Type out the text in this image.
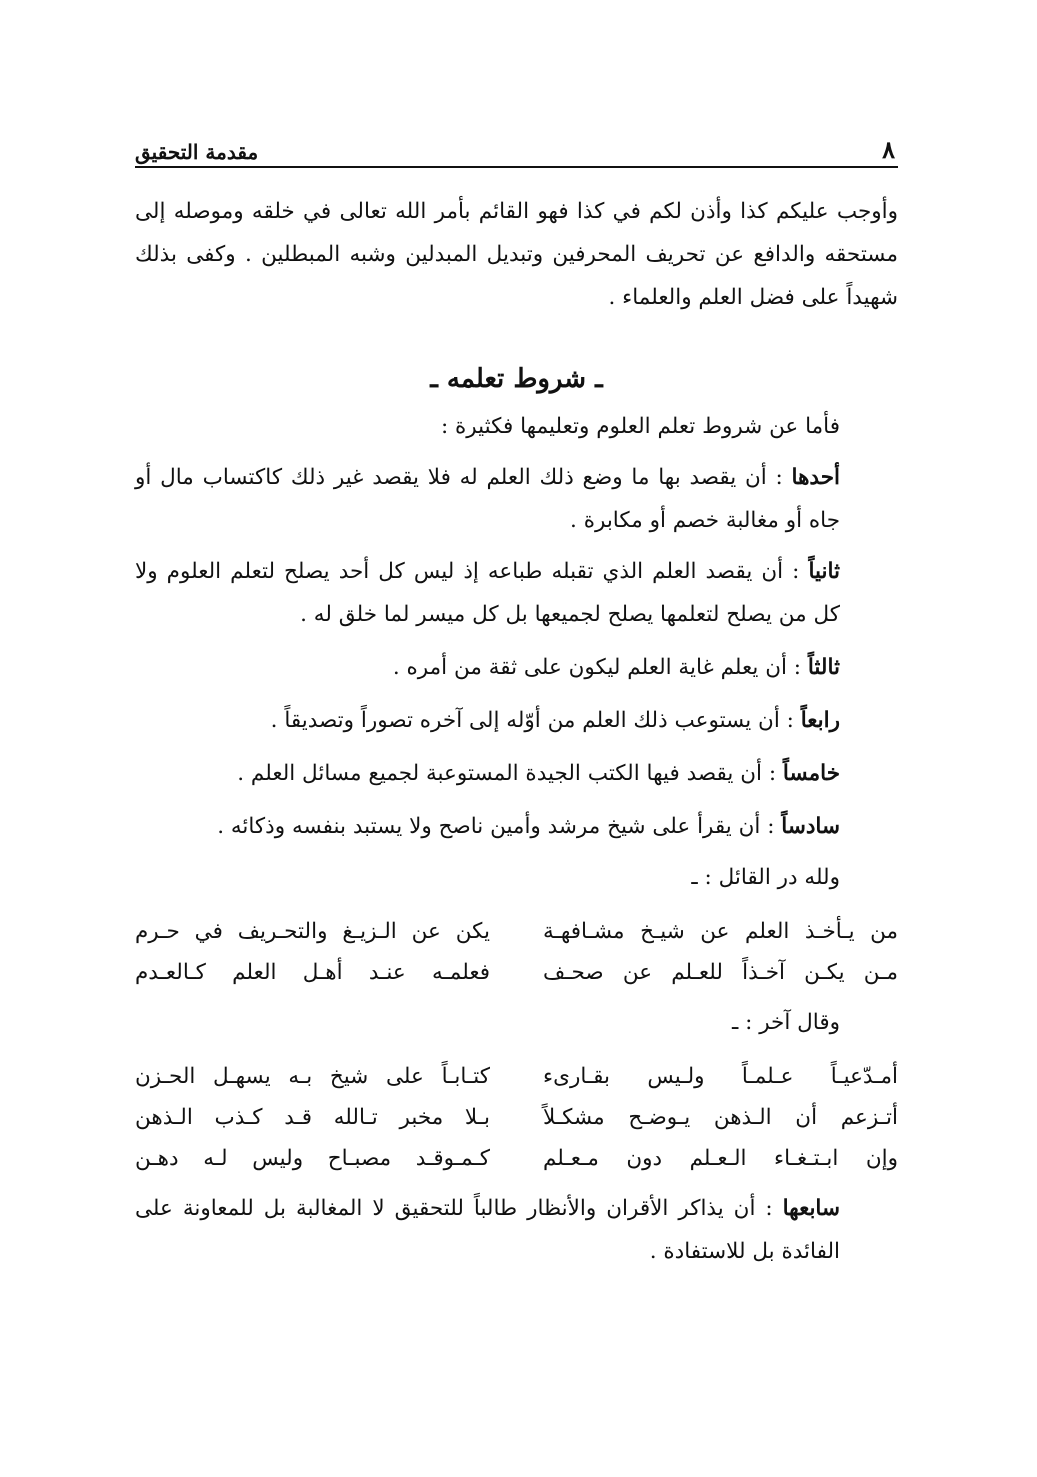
٨
مقدمة التحقيق

وأوجب عليكم كذا وأذن لكم في كذا فهو القائم بأمر الله تعالى في خلقه وموصله إلى مستحقه والدافع عن تحريف المحرفين وتبديل المبدلين وشبه المبطلين . وكفى بذلك شهيداً على فضل العلم والعلماء .

ـ شروط تعلمه ـ

فأما عن شروط تعلم العلوم وتعليمها فكثيرة :

أحدها : أن يقصد بها ما وضع ذلك العلم له فلا يقصد غير ذلك كاكتساب مال أو جاه أو مغالبة خصم أو مكابرة .

ثانياً : أن يقصد العلم الذي تقبله طباعه إذ ليس كل أحد يصلح لتعلم العلوم ولا كل من يصلح لتعلمها يصلح لجميعها بل كل ميسر لما خلق له .

ثالثاً : أن يعلم غاية العلم ليكون على ثقة من أمره .

رابعاً : أن يستوعب ذلك العلم من أوّله إلى آخره تصوراً وتصديقاً .

خامساً : أن يقصد فيها الكتب الجيدة المستوعبة لجميع مسائل العلم .

سادساً : أن يقرأ على شيخ مرشد وأمين ناصح ولا يستبد بنفسه وذكائه .

ولله در القائل : ـ

من يـأخـذ العلم عن شيـخ مشـافهـة
يكن عن الـزيـغ والتحـريف في حـرم
مـن يكـن آخـذاً للعـلم عن صحـف
فعلمـه عنـد أهـل العلم كـالعـدم

وقال آخر : ـ

أمـدّعيـاً عـلمـاً ولـيس بقـارىء
كتـابـاً على شيخ بـه يسهـل الحـزن
أتـزعم أن الـذهن يـوضـح مشكـلاً
بـلا مخبر تـالله قـد كـذب الـذهن
وإن ابـتـغـاء الـعـلم دون مـعـلم
كـمـوقـد مصبـاح وليس لـه دهـن

سابعها : أن يذاكر الأقران والأنظار طالباً للتحقيق لا المغالبة بل للمعاونة على الفائدة بل للاستفادة .
